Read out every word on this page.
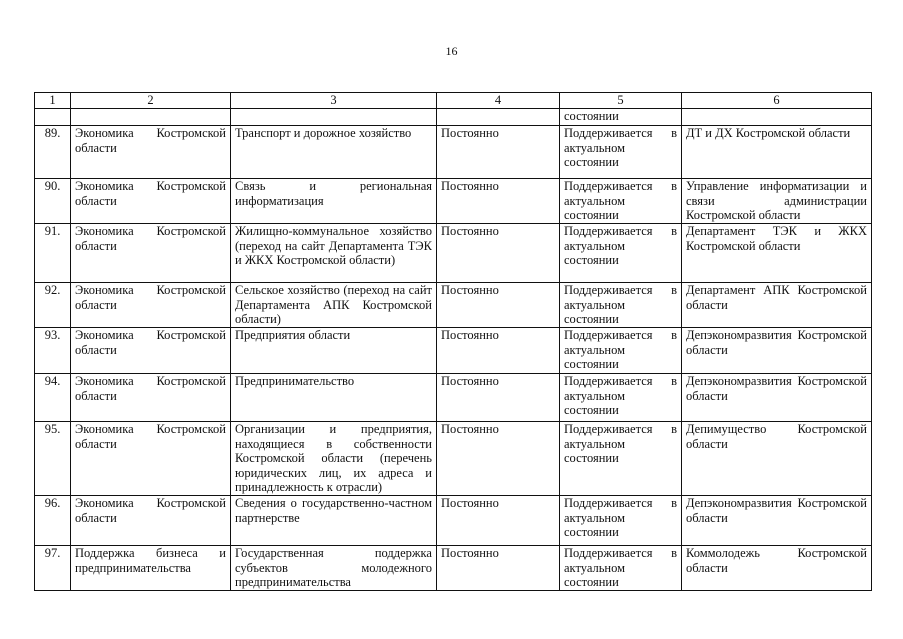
16
1	2	3	4	5	6
				состоянии	
89.	Экономика Костромской области	Транспорт и дорожное хозяйство	Постоянно	Поддерживается в актуальном состоянии	ДТ и ДХ Костромской области
90.	Экономика Костромской области	Связь и региональная информатизация	Постоянно	Поддерживается в актуальном состоянии	Управление информатизации и связи администрации Костромской области
91.	Экономика Костромской области	Жилищно-коммунальное хозяйство (переход на сайт Департамента ТЭК и ЖКХ Костромской области)	Постоянно	Поддерживается в актуальном состоянии	Департамент ТЭК и ЖКХ Костромской области
92.	Экономика Костромской области	Сельское хозяйство (переход на сайт Департамента АПК Костромской области)	Постоянно	Поддерживается в актуальном состоянии	Департамент АПК Костромской области
93.	Экономика Костромской области	Предприятия области	Постоянно	Поддерживается в актуальном состоянии	Депэкономразвития Костромской области
94.	Экономика Костромской области	Предпринимательство	Постоянно	Поддерживается в актуальном состоянии	Депэкономразвития Костромской области
95.	Экономика Костромской области	Организации и предприятия, находящиеся в собственности Костромской области (перечень юридических лиц, их адреса и принадлежность к отрасли)	Постоянно	Поддерживается в актуальном состоянии	Депимущество Костромской области
96.	Экономика Костромской области	Сведения о государственно-частном партнерстве	Постоянно	Поддерживается в актуальном состоянии	Депэкономразвития Костромской области
97.	Поддержка бизнеса и предпринимательства	Государственная поддержка субъектов молодежного предпринимательства	Постоянно	Поддерживается в актуальном состоянии	Коммолодежь Костромской области
